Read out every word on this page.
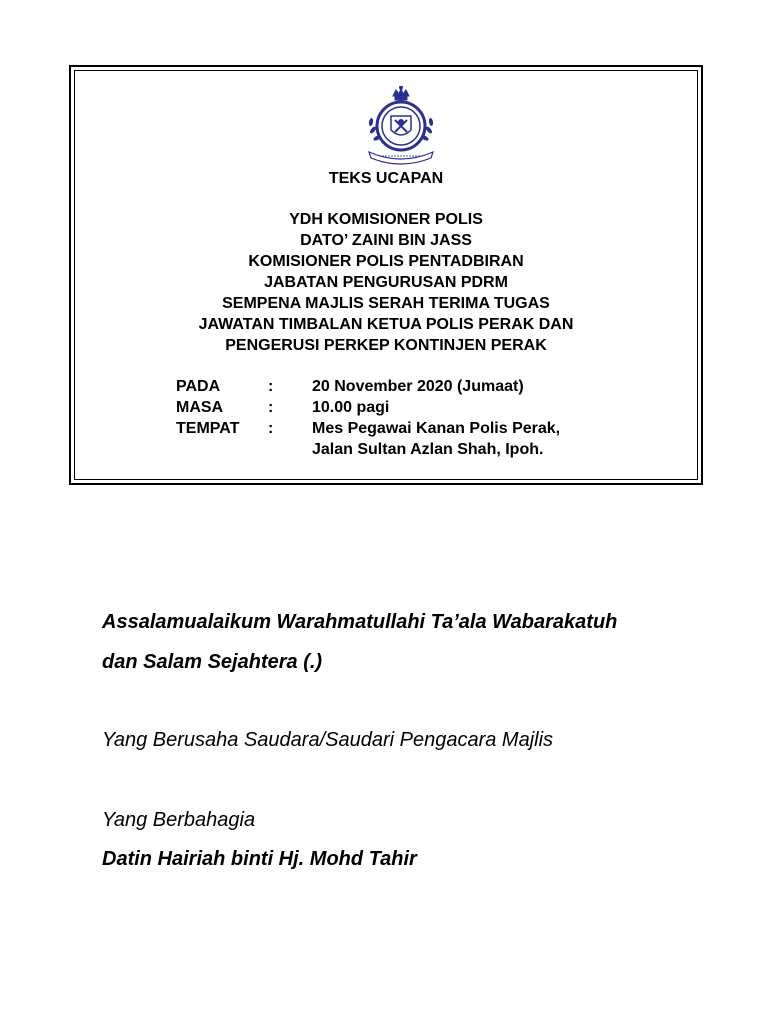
TEKS UCAPAN
YDH KOMISIONER POLIS
DATO’ ZAINI BIN JASS
KOMISIONER POLIS PENTADBIRAN
JABATAN PENGURUSAN PDRM
SEMPENA MAJLIS SERAH TERIMA TUGAS
JAWATAN TIMBALAN KETUA POLIS PERAK DAN
PENGERUSI PERKEP KONTINJEN PERAK
PADA	:	20 November 2020 (Jumaat)
MASA	:	10.00 pagi
TEMPAT	:	Mes Pegawai Kanan Polis Perak,
Jalan Sultan Azlan Shah, Ipoh.
Assalamualaikum Warahmatullahi Ta’ala Wabarakatuh
dan Salam Sejahtera (.)
Yang Berusaha Saudara/Saudari Pengacara Majlis
Yang Berbahagia
Datin Hairiah binti Hj. Mohd Tahir
